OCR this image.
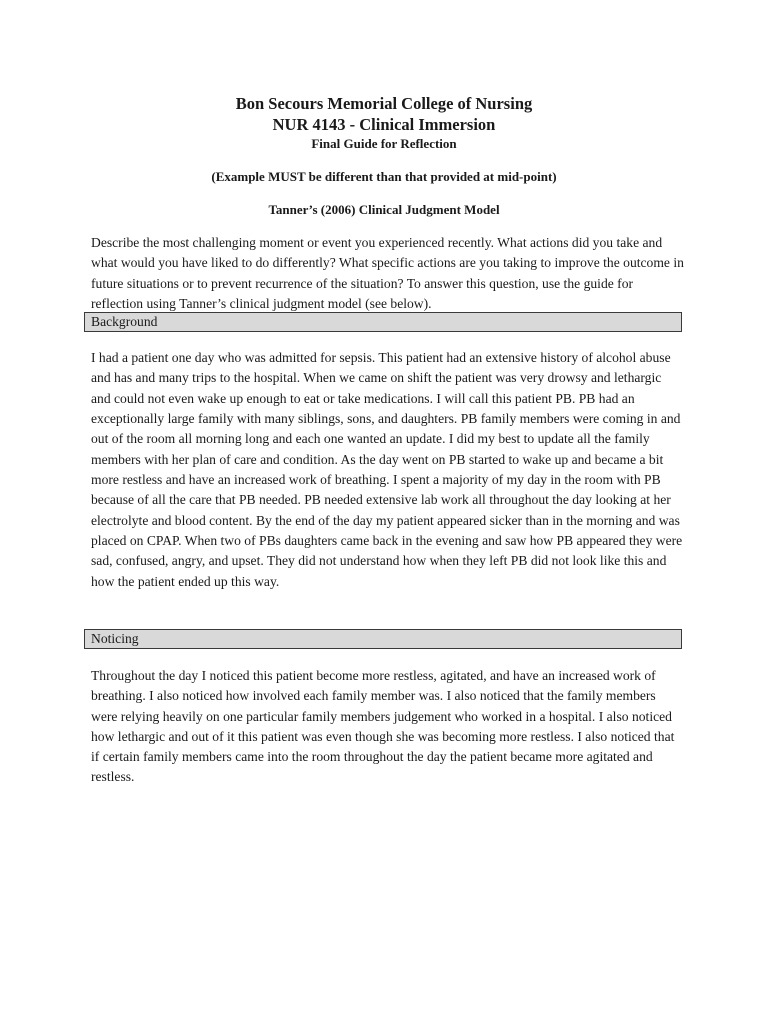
Bon Secours Memorial College of Nursing
NUR 4143 - Clinical Immersion
Final Guide for Reflection
(Example MUST be different than that provided at mid-point)
Tanner’s (2006) Clinical Judgment Model

Describe the most challenging moment or event you experienced recently. What actions did you take and what would you have liked to do differently? What specific actions are you taking to improve the outcome in future situations or to prevent recurrence of the situation? To answer this question, use the guide for reflection using Tanner’s clinical judgment model (see below).

Background

I had a patient one day who was admitted for sepsis. This patient had an extensive history of alcohol abuse and has and many trips to the hospital. When we came on shift the patient was very drowsy and lethargic and could not even wake up enough to eat or take medications. I will call this patient PB. PB had an exceptionally large family with many siblings, sons, and daughters. PB family members were coming in and out of the room all morning long and each one wanted an update. I did my best to update all the family members with her plan of care and condition. As the day went on PB started to wake up and became a bit more restless and have an increased work of breathing. I spent a majority of my day in the room with PB because of all the care that PB needed. PB needed extensive lab work all throughout the day looking at her electrolyte and blood content. By the end of the day my patient appeared sicker than in the morning and was placed on CPAP. When two of PBs daughters came back in the evening and saw how PB appeared they were sad, confused, angry, and upset. They did not understand how when they left PB did not look like this and how the patient ended up this way.

Noticing

Throughout the day I noticed this patient become more restless, agitated, and have an increased work of breathing. I also noticed how involved each family member was. I also noticed that the family members were relying heavily on one particular family members judgement who worked in a hospital. I also noticed how lethargic and out of it this patient was even though she was becoming more restless. I also noticed that if certain family members came into the room throughout the day the patient became more agitated and restless.
